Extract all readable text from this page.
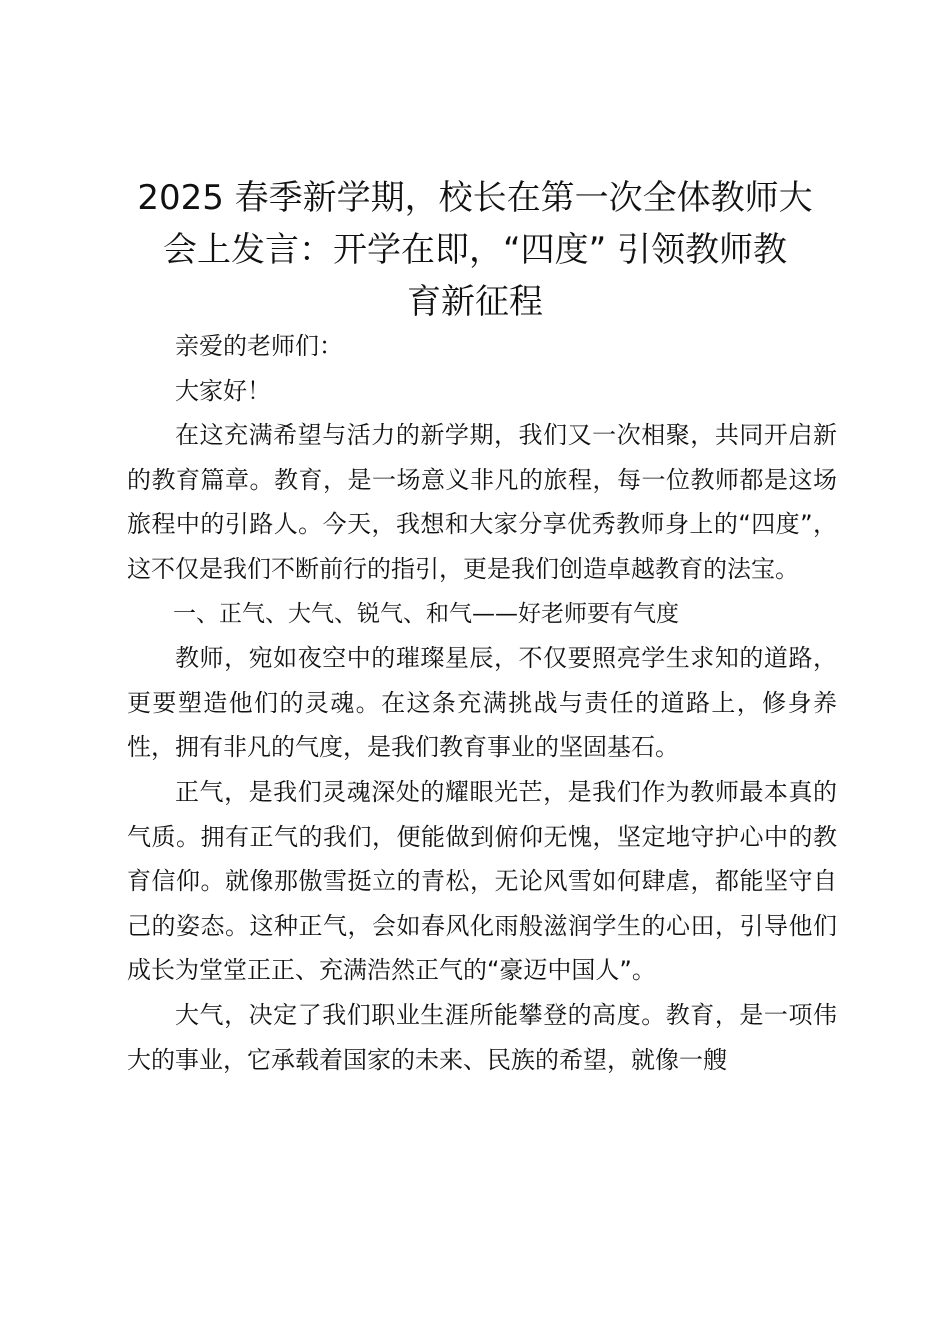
2025 春季新学期，校长在第一次全体教师大
会上发言：开学在即，“四度” 引领教师教
育新征程

亲爱的老师们：

大家好！

在这充满希望与活力的新学期，我们又一次相聚，共同开启新的教育篇章。教育，是一场意义非凡的旅程，每一位教师都是这场旅程中的引路人。今天，我想和大家分享优秀教师身上的“四度”，这不仅是我们不断前行的指引，更是我们创造卓越教育的法宝。

一、正气、大气、锐气、和气——好老师要有气度

教师，宛如夜空中的璀璨星辰，不仅要照亮学生求知的道路，更要塑造他们的灵魂。在这条充满挑战与责任的道路上，修身养性，拥有非凡的气度，是我们教育事业的坚固基石。

正气，是我们灵魂深处的耀眼光芒，是我们作为教师最本真的气质。拥有正气的我们，便能做到俯仰无愧，坚定地守护心中的教育信仰。就像那傲雪挺立的青松，无论风雪如何肆虐，都能坚守自己的姿态。这种正气，会如春风化雨般滋润学生的心田，引导他们成长为堂堂正正、充满浩然正气的“豪迈中国人”。

大气，决定了我们职业生涯所能攀登的高度。教育，是一项伟大的事业，它承载着国家的未来、民族的希望，就像一艘
